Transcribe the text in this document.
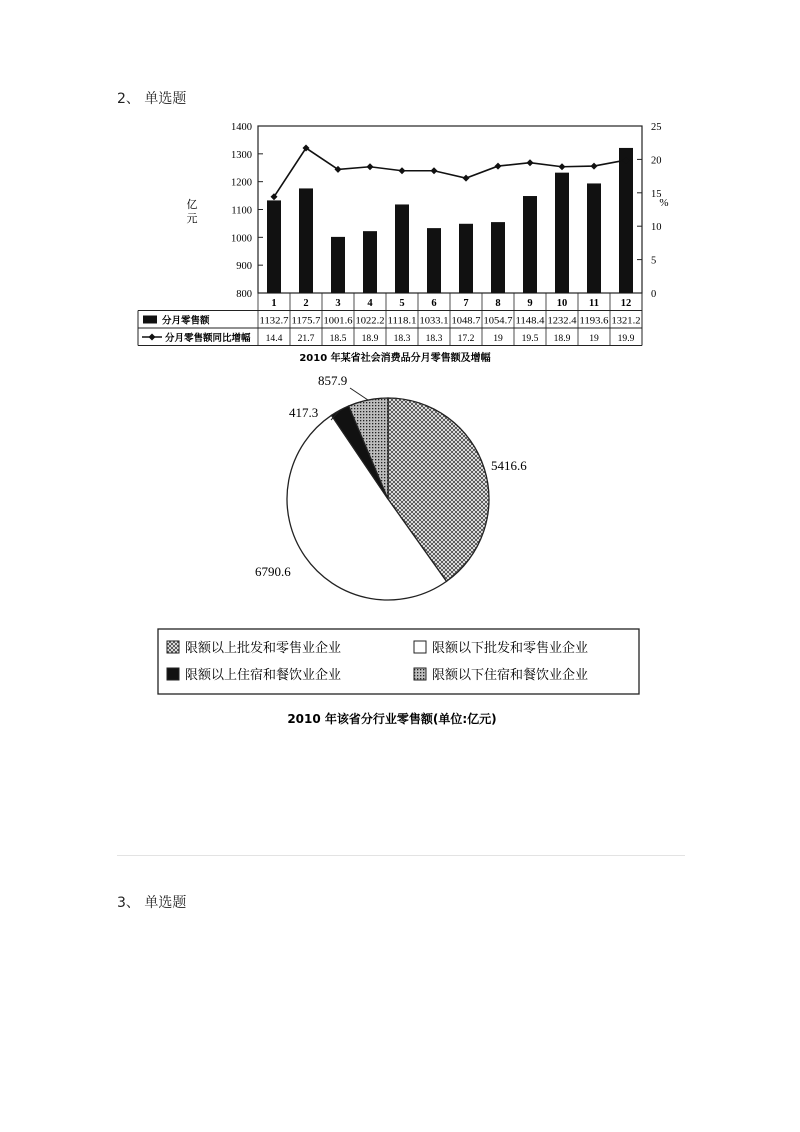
2、 单选题
800
900
1000
1100
1200
1300
1400
0
5
10
15
20
25
1
1132.7
14.4
2
1175.7
21.7
3
1001.6
18.5
4
1022.2
18.9
5
1118.1
18.3
6
1033.1
18.3
7
1048.7
17.2
8
1054.7
19
9
1148.4
19.5
10
1232.4
18.9
11
1193.6
19
12
1321.2
19.9
分月零售额
分月零售额同比增幅
亿
元
%
2010 年某省社会消费品分月零售额及增幅
5416.6
6790.6
417.3
857.9
限额以上批发和零售业企业	限额以下批发和零售业企业
限额以上住宿和餐饮业企业	限额以下住宿和餐饮业企业
2010 年该省分行业零售额(单位:亿元)
3、 单选题
